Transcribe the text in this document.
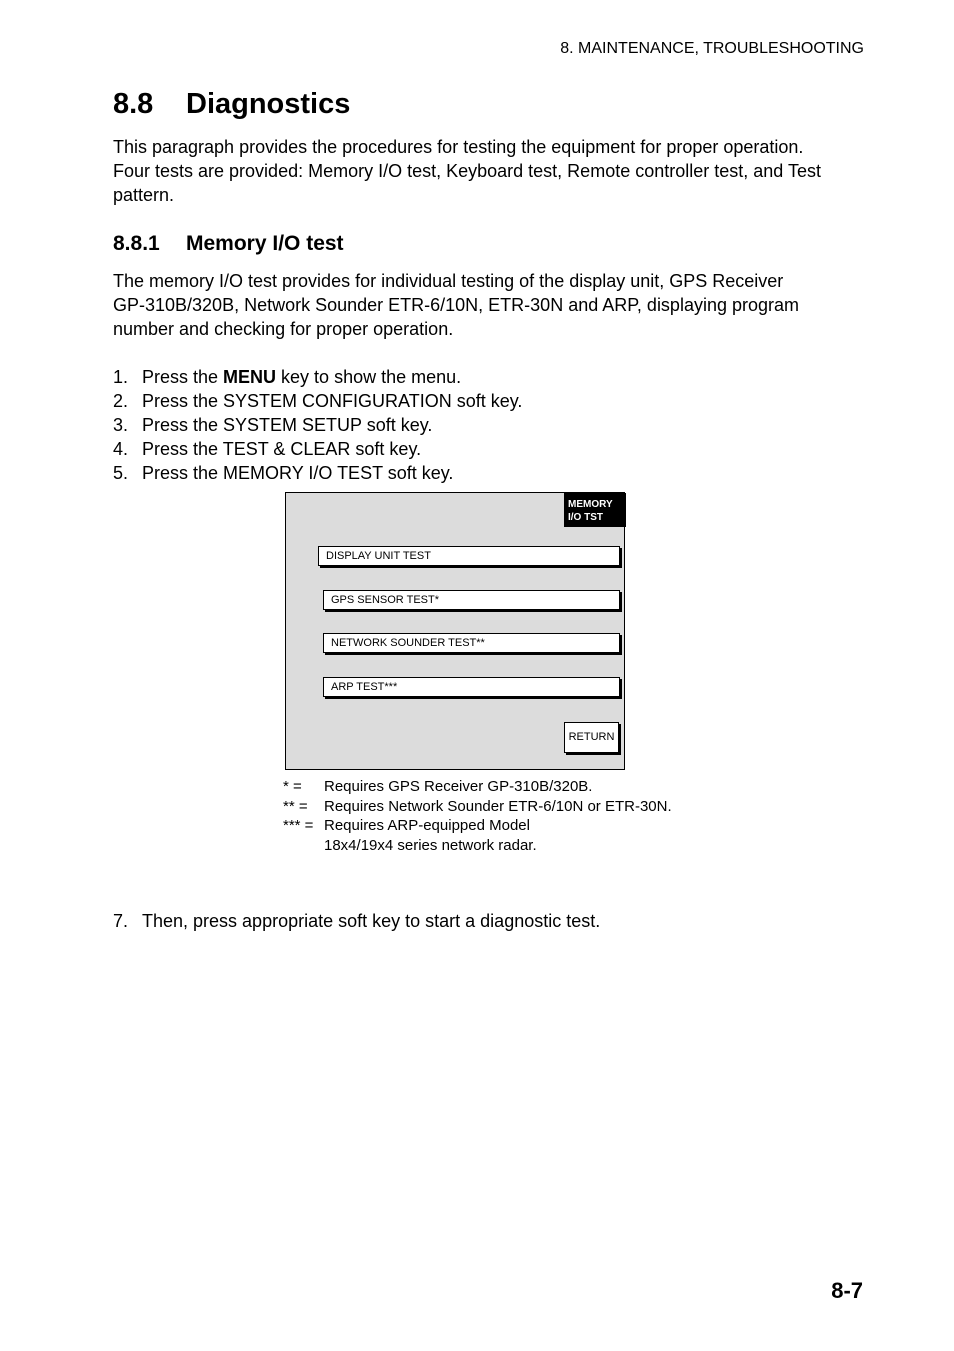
8. MAINTENANCE, TROUBLESHOOTING
8.8 Diagnostics

This paragraph provides the procedures for testing the equipment for proper operation.
Four tests are provided: Memory I/O test, Keyboard test, Remote controller test, and Test
pattern.

8.8.1 Memory I/O test

The memory I/O test provides for individual testing of the display unit, GPS Receiver
GP-310B/320B, Network Sounder ETR-6/10N, ETR-30N and ARP, displaying program
number and checking for proper operation.

1. Press the MENU key to show the menu.
2. Press the SYSTEM CONFIGURATION soft key.
3. Press the SYSTEM SETUP soft key.
4. Press the TEST & CLEAR soft key.
5. Press the MEMORY I/O TEST soft key.
MEMORY
I/O TST
DISPLAY UNIT TEST
GPS SENSOR TEST*
NETWORK SOUNDER TEST**
ARP TEST***
RETURN
* = Requires GPS Receiver GP-310B/320B.
** = Requires Network Sounder ETR-6/10N or ETR-30N.
*** = Requires ARP-equipped Model
18x4/19x4 series network radar.
7. Then, press appropriate soft key to start a diagnostic test.
8-7
